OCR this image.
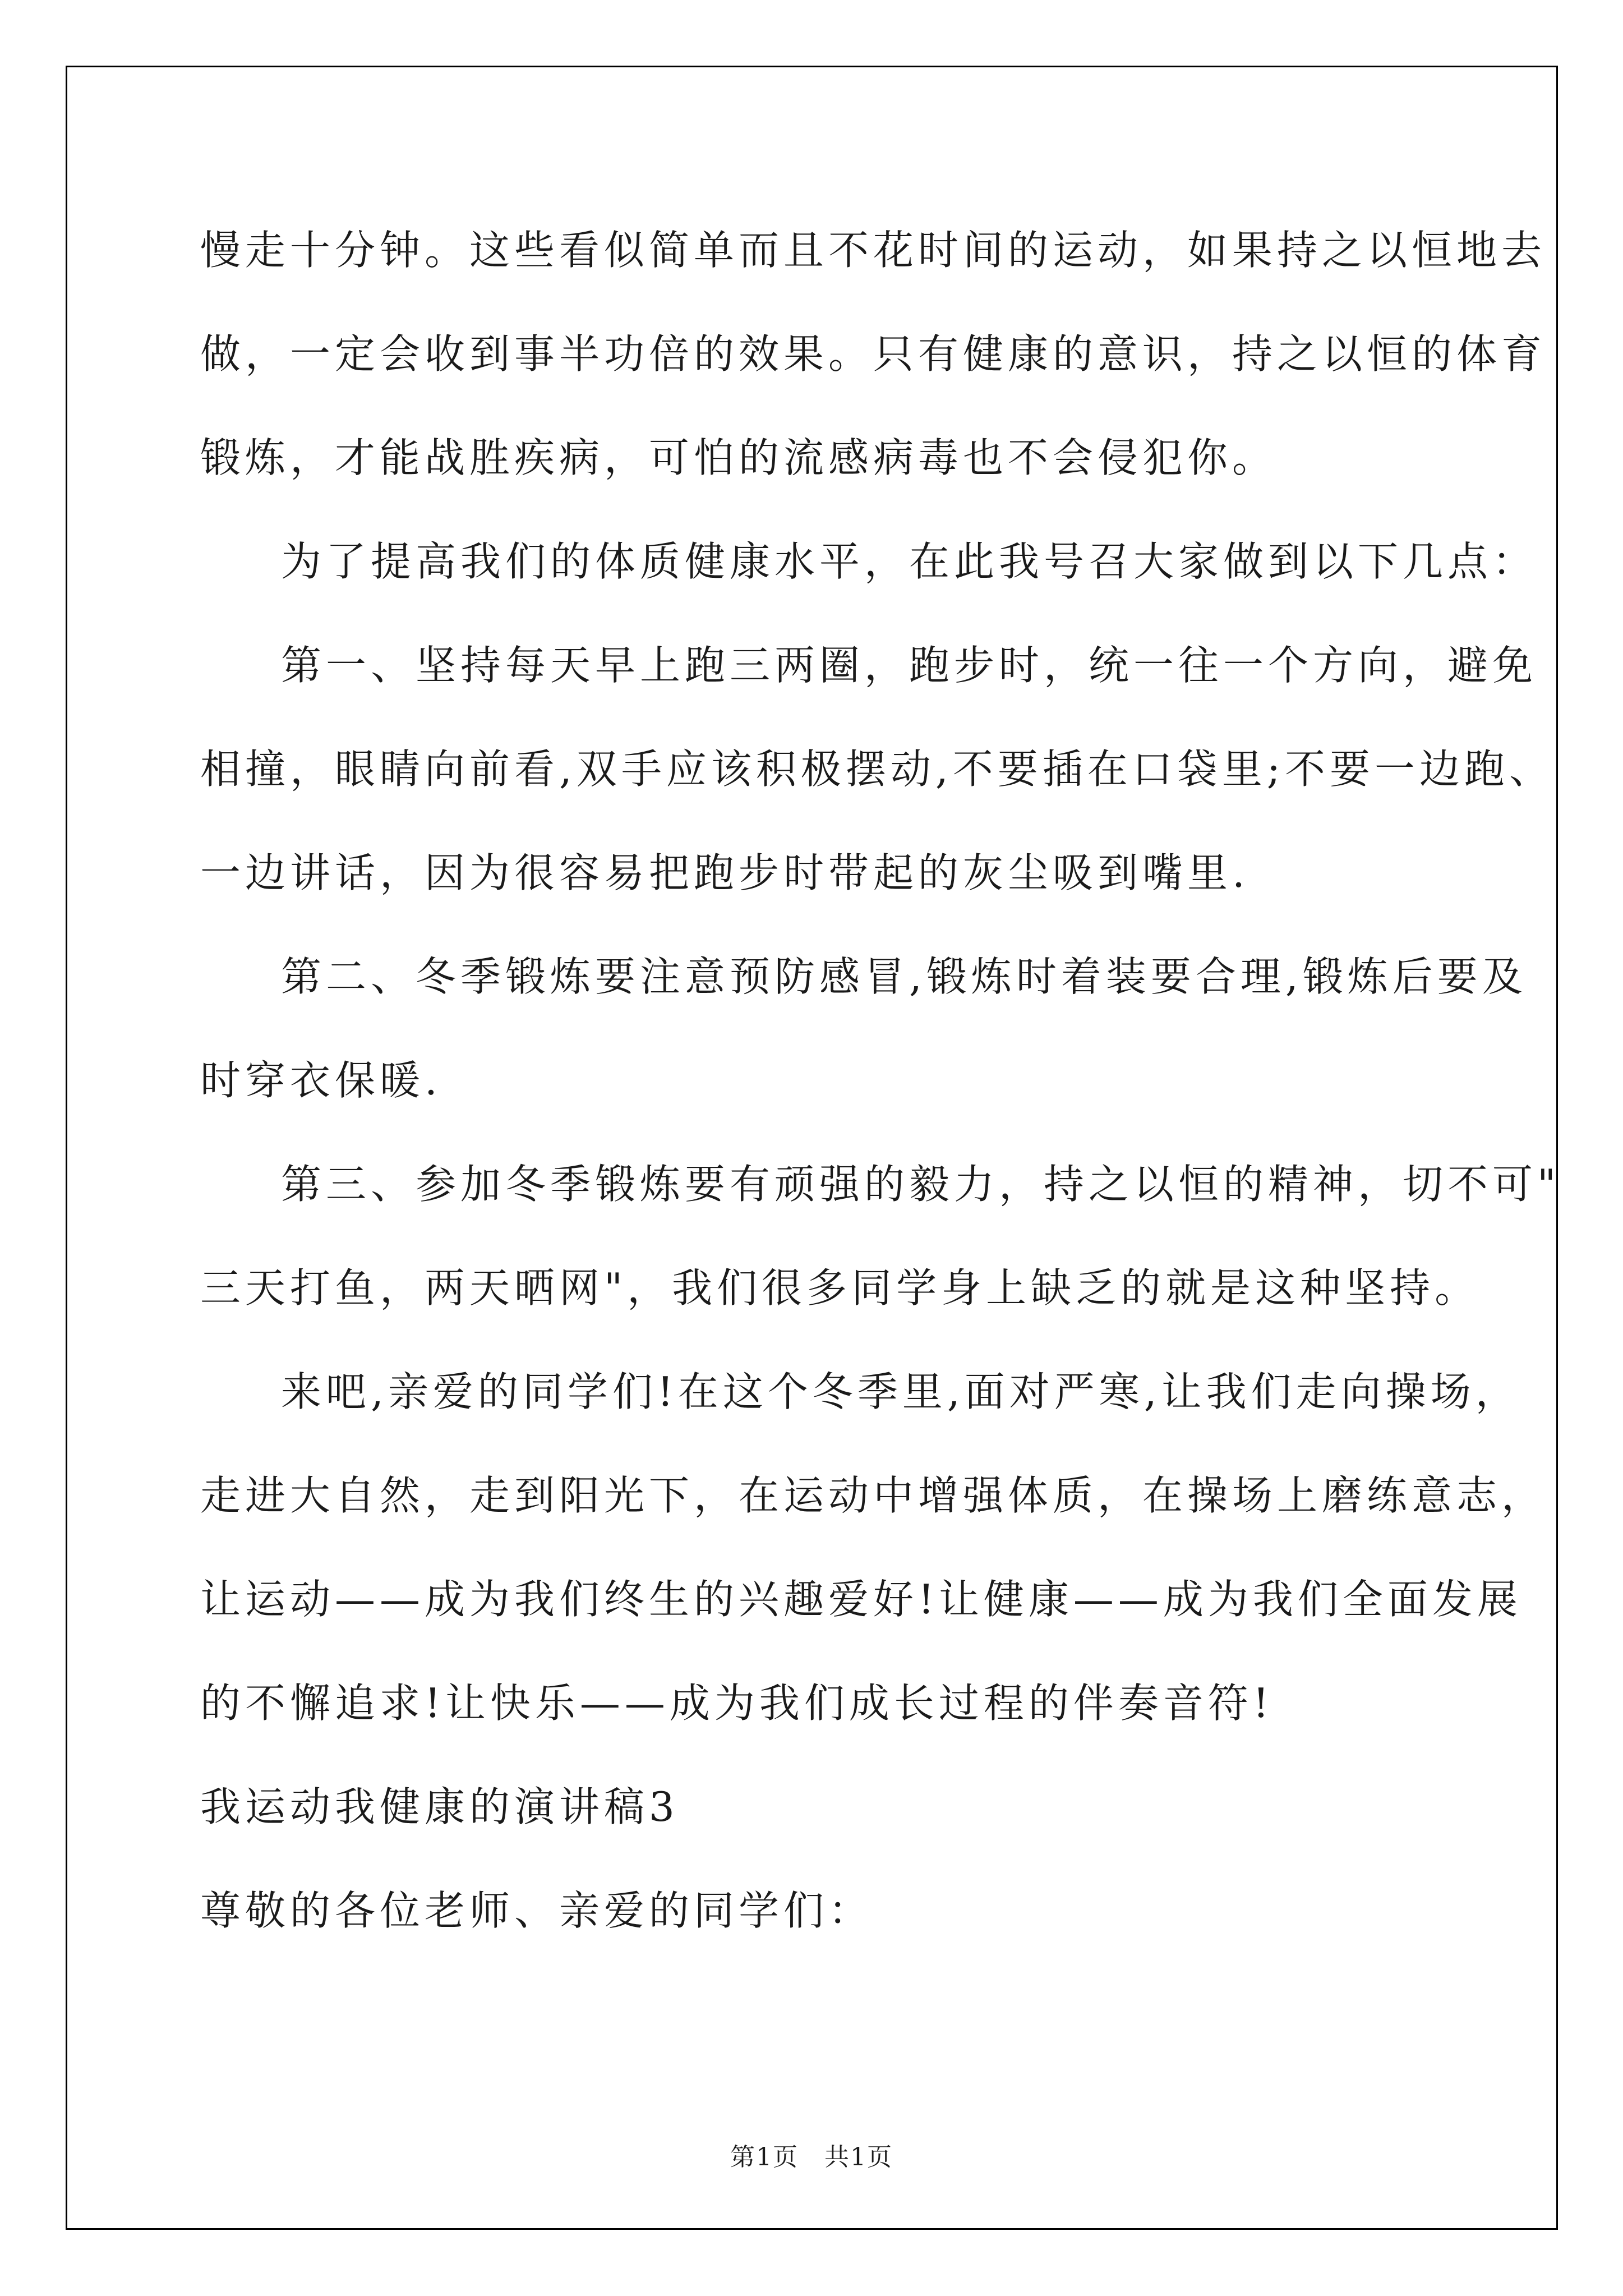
慢走十分钟。这些看似简单而且不花时间的运动，如果持之以恒地去
做，一定会收到事半功倍的效果。只有健康的意识，持之以恒的体育
锻炼，才能战胜疾病，可怕的流感病毒也不会侵犯你。
为了提高我们的体质健康水平，在此我号召大家做到以下几点：
第一、坚持每天早上跑三两圈，跑步时，统一往一个方向，避免
相撞，眼睛向前看,双手应该积极摆动,不要插在口袋里;不要一边跑、
一边讲话，因为很容易把跑步时带起的灰尘吸到嘴里.
第二、冬季锻炼要注意预防感冒,锻炼时着装要合理,锻炼后要及
时穿衣保暖.
第三、参加冬季锻炼要有顽强的毅力，持之以恒的精神，切不可"
三天打鱼，两天晒网"，我们很多同学身上缺乏的就是这种坚持。
来吧,亲爱的同学们!在这个冬季里,面对严寒,让我们走向操场，
走进大自然，走到阳光下，在运动中增强体质，在操场上磨练意志，
让运动——成为我们终生的兴趣爱好!让健康——成为我们全面发展
的不懈追求!让快乐——成为我们成长过程的伴奏音符!
我运动我健康的演讲稿3
尊敬的各位老师、亲爱的同学们：
第1页　共1页
